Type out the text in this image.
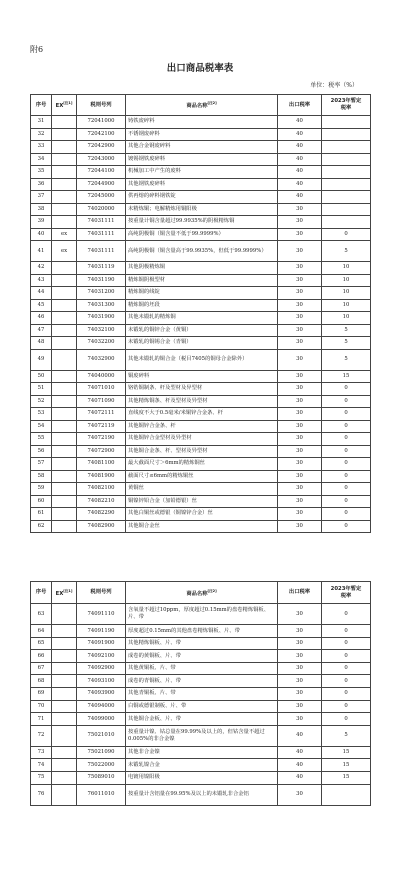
附6
出口商品税率表
单位：税率（%）
序号	EX[注1]	税则号列	商品名称[注2]	出口税率	2023年暂定
税率
31		72041000	铸铁废碎料	40	
32		72042100	不锈钢废碎料	40	
33		72042900	其他合金钢废碎料	40	
34		72043000	镀锡钢铁废碎料	40	
35		72044100	机械加工中产生的废料	40	
36		72044900	其他钢铁废碎料	40	
37		72045000	供再熔的碎料钢铁锭	40	
38		74020000	未精炼铜；电解精炼用铜阳极	30	
39		74031111	按重量计铜含量超过99.9935%的阴极精炼铜	30	
40	ex	74031111	高纯阴极铜（铜含量不低于99.9999%）	30	0
41	ex	74031111	高纯阴极铜（铜含量高于99.9935%，但低于99.9999%）	30	5
42		74031119	其他阴极精炼铜	30	10
43		74031190	精炼铜阴极型材	30	10
44		74031200	精炼铜的线锭	30	10
45		74031300	精炼铜的坯段	30	10
46		74031900	其他未锻轧的精炼铜	30	10
47		74032100	未锻轧的铜锌合金（黄铜）	30	5
48		74032200	未锻轧的铜锡合金（青铜）	30	5
49		74032900	其他未锻轧的铜合金（税目7405的铜母合金除外）	30	5
50		74040000	铜废碎料	30	15
51		74071010	铬锆铜制条、杆及型材及异型材	30	0
52		74071090	其他精炼铜条、杆及型材及异型材	30	0
53		74072111	直线度不大于0.5毫米/米铜锌合金条、杆	30	0
54		74072119	其他铜锌合金条、杆	30	0
55		74072190	其他铜锌合金型材及异型材	30	0
56		74072900	其他铜合金条、杆、型材及异型材	30	0
57		74081100	最大截面尺寸＞6mm的精炼铜丝	30	0
58		74081900	截面尺寸≤6mm的精炼铜丝	30	0
59		74082100	黄铜丝	30	0
60		74082210	铜镍锌铅合金（加铅德银）丝	30	0
61		74082290	其他白铜丝或德银（铜镍锌合金）丝	30	0
62		74082900	其他铜合金丝	30	0
序号	EX[注1]	税则号列	商品名称[注2]	出口税率	2023年暂定
税率
63		74091110	含氧量不超过10ppm，厚度超过0.15mm的盘卷精炼铜板、片、带	30	0
64		74091190	厚度超过0.15mm的其他盘卷精炼铜板、片、带	30	0
65		74091900	其他精炼铜板、片、带	30	0
66		74092100	成卷的黄铜板、片、带	30	0
67		74092900	其他黄铜板、片、带	30	0
68		74093100	成卷的青铜板、片、带	30	0
69		74093900	其他青铜板、片、带	30	0
70		74094000	白铜或德银制板、片、带	30	0
71		74099000	其他铜合金板、片、带	30	0
72		75021010	按重量计镍、钴总量在99.99%及以上的，但钴含量不超过0.005%的非合金镍	40	5
73		75021090	其他非合金镍	40	15
74		75022000	未锻轧镍合金	40	15
75		75089010	电镀用镍阳极	40	15
76		76011010	按重量计含铝量在99.95%及以上的未锻轧非合金铝	30	
